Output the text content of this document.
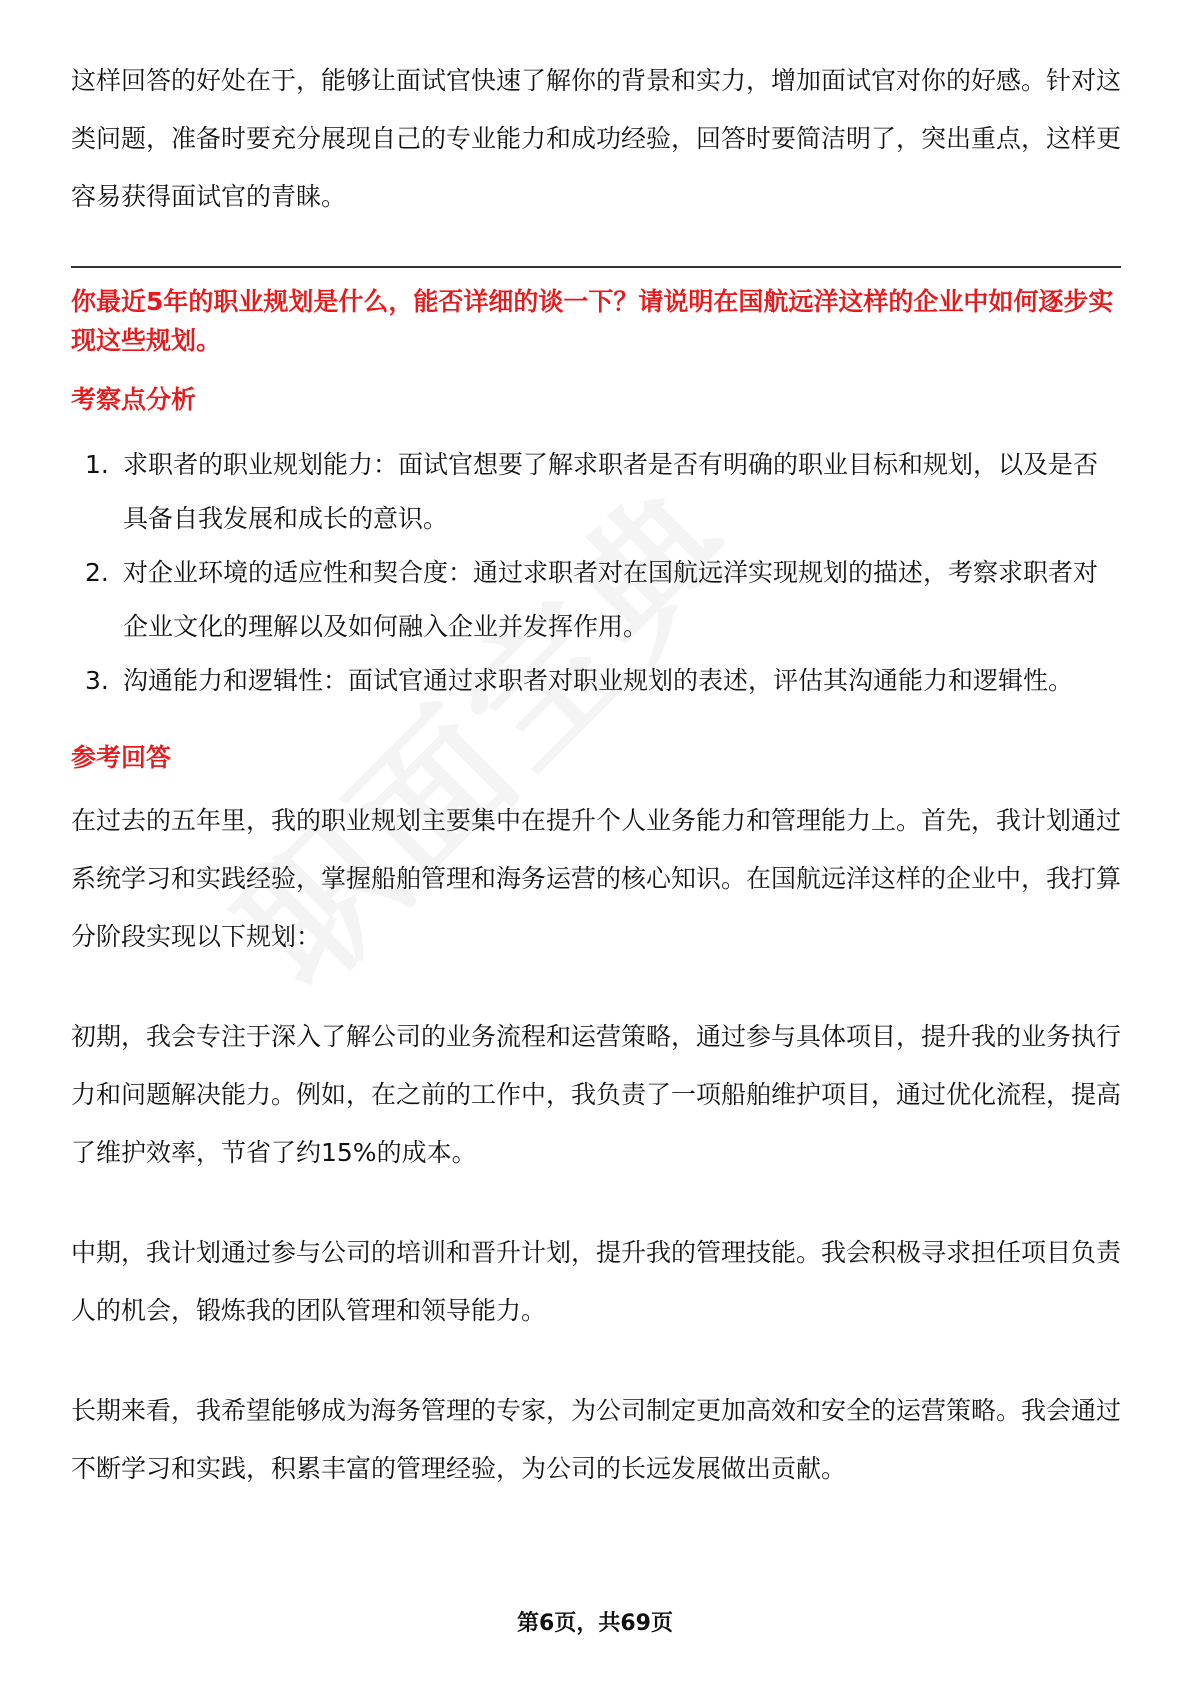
这样回答的好处在于，能够让面试官快速了解你的背景和实力，增加面试官对你的好感。针对这类问题，准备时要充分展现自己的专业能力和成功经验，回答时要简洁明了，突出重点，这样更容易获得面试官的青睐。

你最近5年的职业规划是什么，能否详细的谈一下？请说明在国航远洋这样的企业中如何逐步实现这些规划。

考察点分析
1. 求职者的职业规划能力：面试官想要了解求职者是否有明确的职业目标和规划，以及是否具备自我发展和成长的意识。
2. 对企业环境的适应性和契合度：通过求职者对在国航远洋实现规划的描述，考察求职者对企业文化的理解以及如何融入企业并发挥作用。
3. 沟通能力和逻辑性：面试官通过求职者对职业规划的表述，评估其沟通能力和逻辑性。
参考回答

在过去的五年里，我的职业规划主要集中在提升个人业务能力和管理能力上。首先，我计划通过系统学习和实践经验，掌握船舶管理和海务运营的核心知识。在国航远洋这样的企业中，我打算分阶段实现以下规划：

初期，我会专注于深入了解公司的业务流程和运营策略，通过参与具体项目，提升我的业务执行力和问题解决能力。例如，在之前的工作中，我负责了一项船舶维护项目，通过优化流程，提高了维护效率，节省了约15%的成本。

中期，我计划通过参与公司的培训和晋升计划，提升我的管理技能。我会积极寻求担任项目负责人的机会，锻炼我的团队管理和领导能力。

长期来看，我希望能够成为海务管理的专家，为公司制定更加高效和安全的运营策略。我会通过不断学习和实践，积累丰富的管理经验，为公司的长远发展做出贡献。

第6页，共69页
